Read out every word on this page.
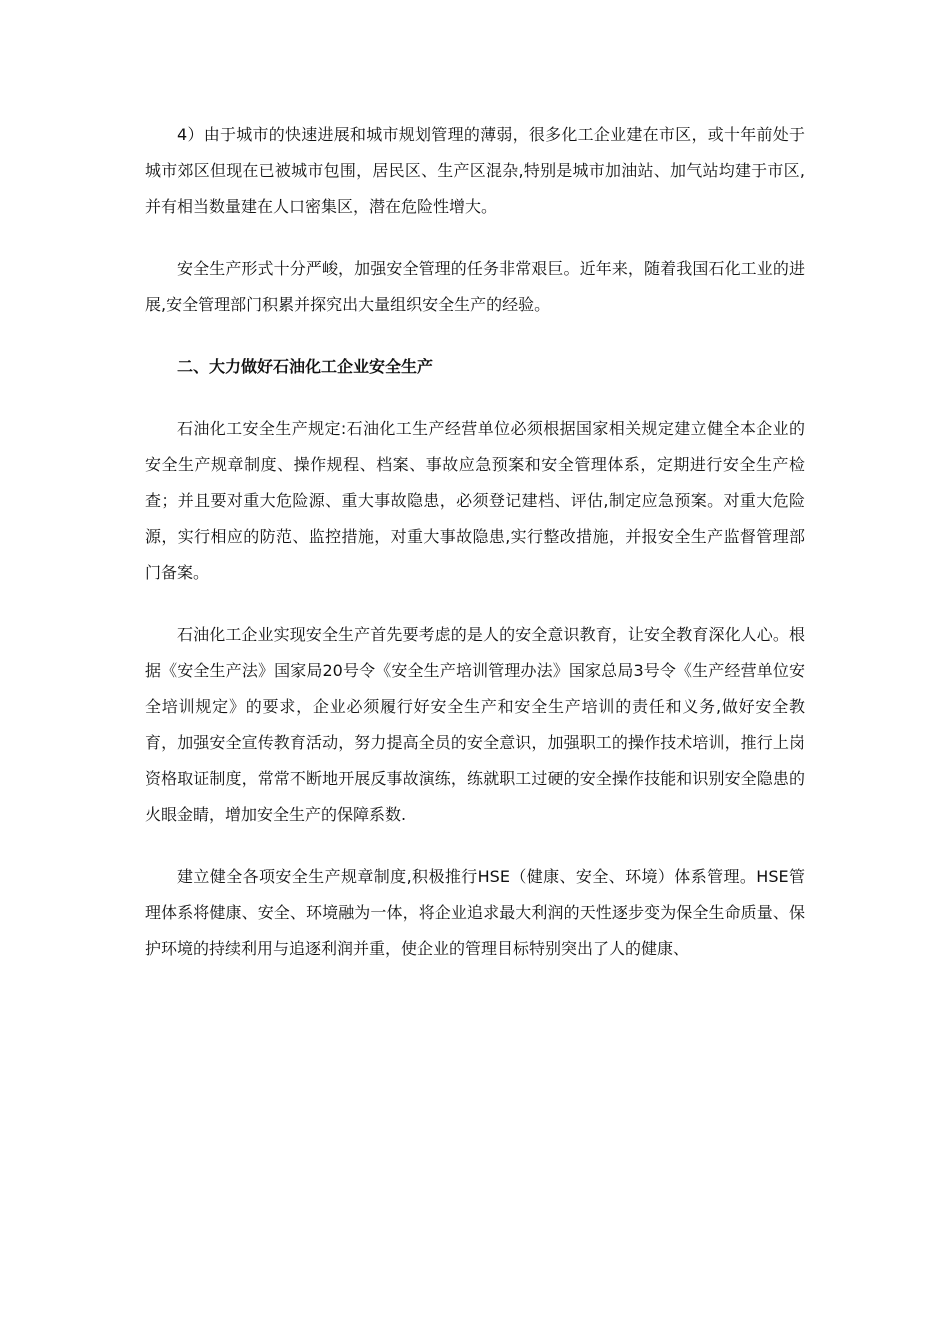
4）由于城市的快速进展和城市规划管理的薄弱，很多化工企业建在市区，或十年前处于城市郊区但现在已被城市包围，居民区、生产区混杂,特别是城市加油站、加气站均建于市区,并有相当数量建在人口密集区，潜在危险性增大。

安全生产形式十分严峻，加强安全管理的任务非常艰巨。近年来，随着我国石化工业的进展,安全管理部门积累并探究出大量组织安全生产的经验。

二、大力做好石油化工企业安全生产

石油化工安全生产规定:石油化工生产经营单位必须根据国家相关规定建立健全本企业的安全生产规章制度、操作规程、档案、事故应急预案和安全管理体系，定期进行安全生产检查；并且要对重大危险源、重大事故隐患，必须登记建档、评估,制定应急预案。对重大危险源，实行相应的防范、监控措施，对重大事故隐患,实行整改措施，并报安全生产监督管理部门备案。

石油化工企业实现安全生产首先要考虑的是人的安全意识教育，让安全教育深化人心。根据《安全生产法》国家局20号令《安全生产培训管理办法》国家总局3号令《生产经营单位安全培训规定》的要求，企业必须履行好安全生产和安全生产培训的责任和义务,做好安全教育，加强安全宣传教育活动，努力提高全员的安全意识，加强职工的操作技术培训，推行上岗资格取证制度，常常不断地开展反事故演练，练就职工过硬的安全操作技能和识别安全隐患的火眼金睛，增加安全生产的保障系数.

建立健全各项安全生产规章制度,积极推行HSE（健康、安全、环境）体系管理。HSE管理体系将健康、安全、环境融为一体，将企业追求最大利润的天性逐步变为保全生命质量、保护环境的持续利用与追逐利润并重，使企业的管理目标特别突出了人的健康、
